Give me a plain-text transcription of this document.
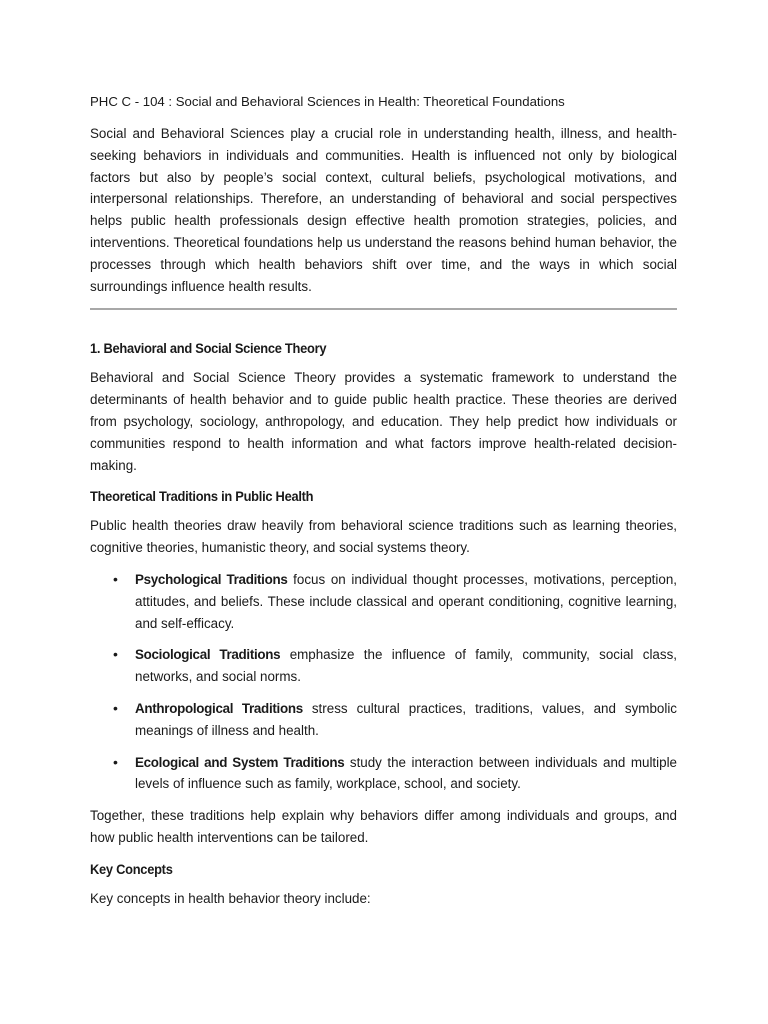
PHC C - 104 : Social and Behavioral Sciences in Health: Theoretical Foundations

Social and Behavioral Sciences play a crucial role in understanding health, illness, and health-seeking behaviors in individuals and communities. Health is influenced not only by biological factors but also by people’s social context, cultural beliefs, psychological motivations, and interpersonal relationships. Therefore, an understanding of behavioral and social perspectives helps public health professionals design effective health promotion strategies, policies, and interventions. Theoretical foundations help us understand the reasons behind human behavior, the processes through which health behaviors shift over time, and the ways in which social surroundings influence health results.

1. Behavioral and Social Science Theory

Behavioral and Social Science Theory provides a systematic framework to understand the determinants of health behavior and to guide public health practice. These theories are derived from psychology, sociology, anthropology, and education. They help predict how individuals or communities respond to health information and what factors improve health-related decision-making.

Theoretical Traditions in Public Health

Public health theories draw heavily from behavioral science traditions such as learning theories, cognitive theories, humanistic theory, and social systems theory.

• Psychological Traditions focus on individual thought processes, motivations, perception, attitudes, and beliefs. These include classical and operant conditioning, cognitive learning, and self-efficacy.
• Sociological Traditions emphasize the influence of family, community, social class, networks, and social norms.
• Anthropological Traditions stress cultural practices, traditions, values, and symbolic meanings of illness and health.
• Ecological and System Traditions study the interaction between individuals and multiple levels of influence such as family, workplace, school, and society.

Together, these traditions help explain why behaviors differ among individuals and groups, and how public health interventions can be tailored.

Key Concepts

Key concepts in health behavior theory include:
